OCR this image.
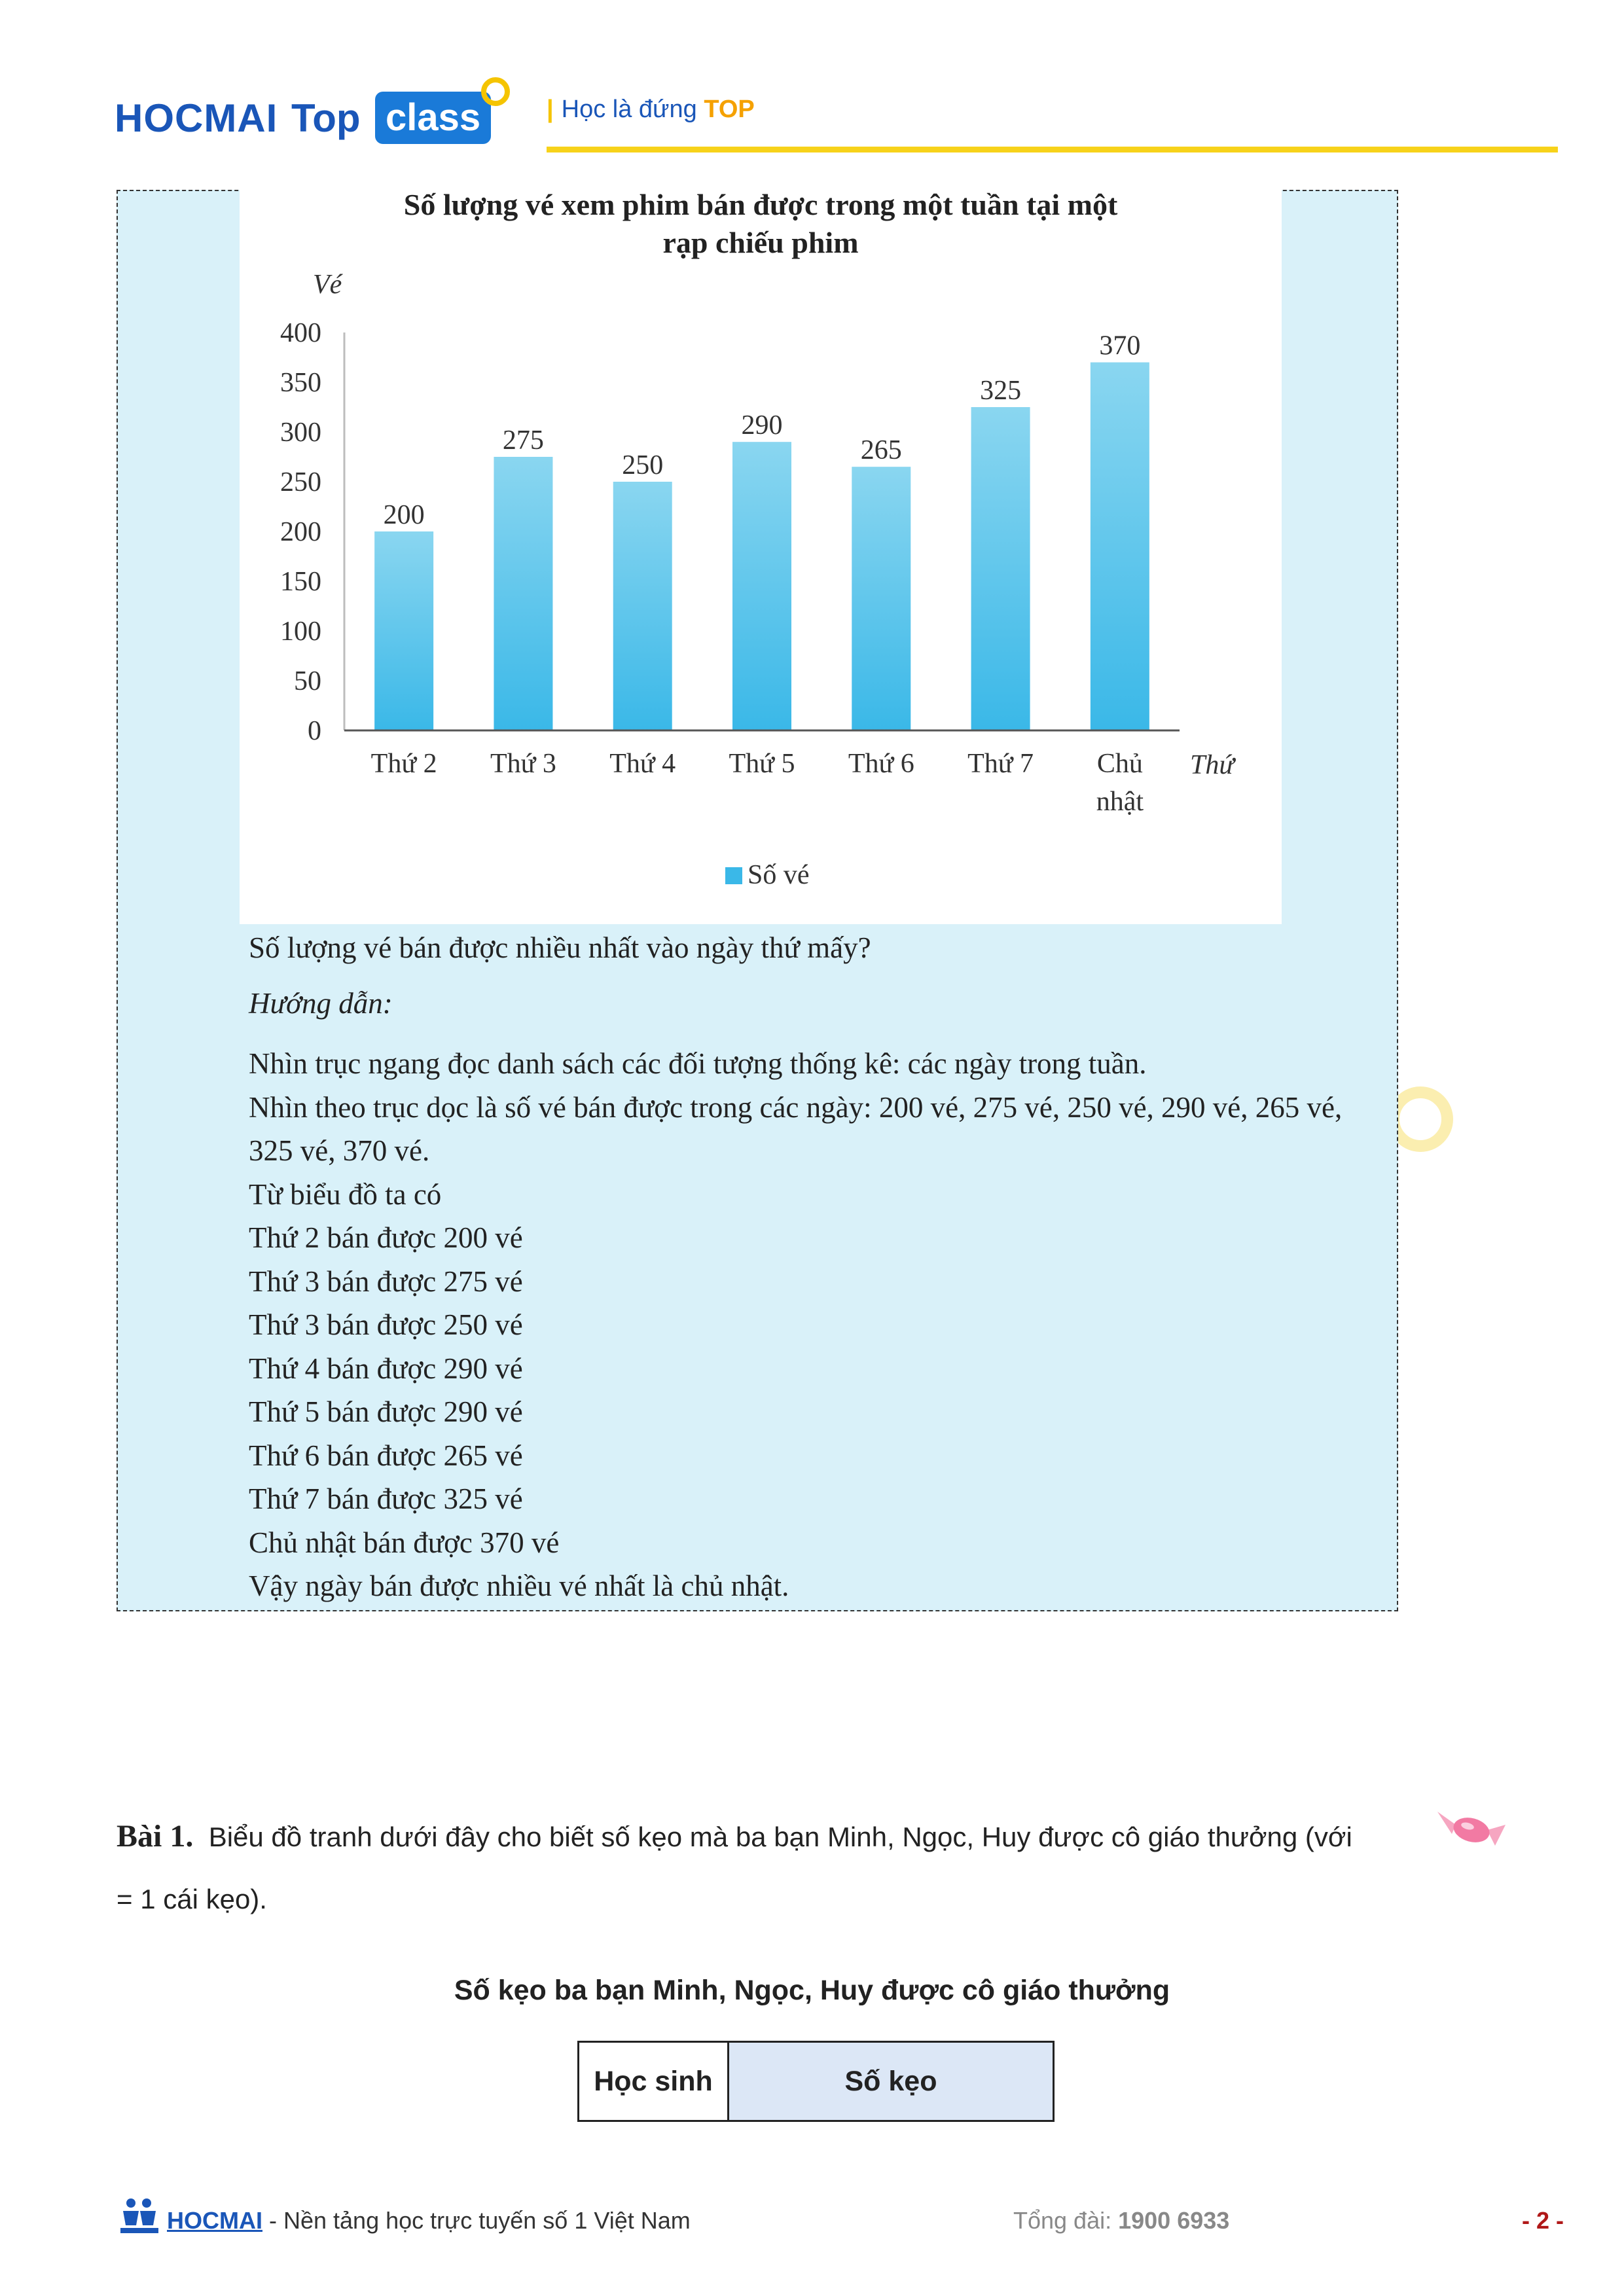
HOCMAI Top class	| Học là đứng TOP
Số lượng vé xem phim bán được trong một tuần tại một
rạp chiếu phim
Vé
Thứ
0
50
100
150
200
250
300
350
400
200
275
250
290
265
325
370
Thứ 2 Thứ 3 Thứ 4 Thứ 5 Thứ 6 Thứ 7 Chủ
nhật
Số vé
Số lượng vé bán được nhiều nhất vào ngày thứ mấy?
Hướng dẫn:
Nhìn trục ngang đọc danh sách các đối tượng thống kê: các ngày trong tuần.
Nhìn theo trục dọc là số vé bán được trong các ngày: 200 vé, 275 vé, 250 vé, 290 vé, 265 vé,
325 vé, 370 vé.
Từ biểu đồ ta có
Thứ 2 bán được 200 vé
Thứ 3 bán được 275 vé
Thứ 3 bán được 250 vé
Thứ 4 bán được 290 vé
Thứ 5 bán được 290 vé
Thứ 6 bán được 265 vé
Thứ 7 bán được 325 vé
Chủ nhật bán được 370 vé
Vậy ngày bán được nhiều vé nhất là chủ nhật.
Bài 1. Biểu đồ tranh dưới đây cho biết số kẹo mà ba bạn Minh, Ngọc, Huy được cô giáo thưởng (với
= 1 cái kẹo).
Số kẹo ba bạn Minh, Ngọc, Huy được cô giáo thưởng
Học sinh	Số kẹo
HOCMAI - Nền tảng học trực tuyến số 1 Việt Nam	Tổng đài: 1900 6933	- 2 -
